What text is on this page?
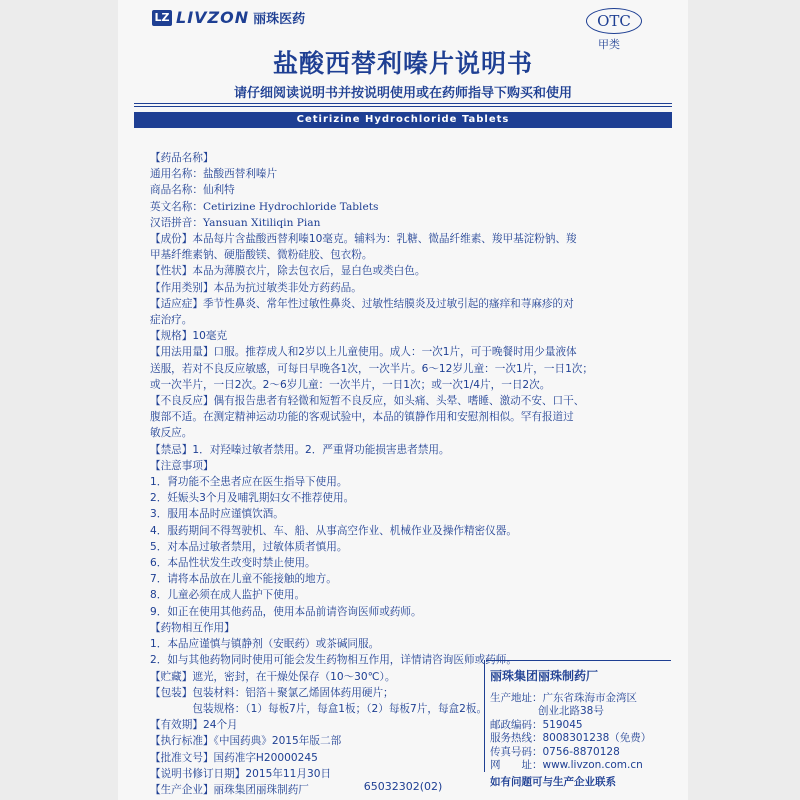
LZ LIVZON 丽珠医药	OTC
甲类
盐酸西替利嗪片说明书
请仔细阅读说明书并按说明使用或在药师指导下购买和使用
Cetirizine Hydrochloride Tablets
【药品名称】
通用名称：盐酸西替利嗪片
商品名称：仙利特
英文名称：Cetirizine Hydrochloride Tablets
汉语拼音：Yansuan Xitiliqin Pian
【成份】本品每片含盐酸西替利嗪10毫克。辅料为：乳糖、微晶纤维素、羧甲基淀粉钠、羧
甲基纤维素钠、硬脂酸镁、微粉硅胶、包衣粉。
【性状】本品为薄膜衣片，除去包衣后，显白色或类白色。
【作用类别】本品为抗过敏类非处方药药品。
【适应症】季节性鼻炎、常年性过敏性鼻炎、过敏性结膜炎及过敏引起的瘙痒和荨麻疹的对
症治疗。
【规格】10毫克
【用法用量】口服。推荐成人和2岁以上儿童使用。成人：一次1片，可于晚餐时用少量液体
送服，若对不良反应敏感，可每日早晚各1次，一次半片。6～12岁儿童：一次1片，一日1次；
或一次半片，一日2次。2～6岁儿童：一次半片，一日1次；或一次1/4片，一日2次。
【不良反应】偶有报告患者有轻微和短暂不良反应，如头痛、头晕、嗜睡、激动不安、口干、
腹部不适。在测定精神运动功能的客观试验中，本品的镇静作用和安慰剂相似。罕有报道过
敏反应。
【禁忌】1．对羟嗪过敏者禁用。2．严重肾功能损害患者禁用。
【注意事项】
1．肾功能不全患者应在医生指导下使用。
2．妊娠头3个月及哺乳期妇女不推荐使用。
3．服用本品时应谨慎饮酒。
4．服药期间不得驾驶机、车、船、从事高空作业、机械作业及操作精密仪器。
5．对本品过敏者禁用，过敏体质者慎用。
6．本品性状发生改变时禁止使用。
7．请将本品放在儿童不能接触的地方。
8．儿童必须在成人监护下使用。
9．如正在使用其他药品，使用本品前请咨询医师或药师。
【药物相互作用】
1．本品应谨慎与镇静剂（安眠药）或茶碱同服。
2．如与其他药物同时使用可能会发生药物相互作用，详情请咨询医师或药师。
【贮藏】遮光，密封，在干燥处保存（10～30℃）。
【包装】包装材料：铝箔＋聚氯乙烯固体药用硬片；
　　　　包装规格：（1）每板7片，每盒1板；（2）每板7片，每盒2板。
【有效期】24个月
【执行标准】《中国药典》2015年版二部
【批准文号】国药准字H20000245
【说明书修订日期】2015年11月30日
【生产企业】丽珠集团丽珠制药厂
丽珠集团丽珠制药厂
生产地址：广东省珠海市金湾区
创业北路38号
邮政编码：519045
服务热线：8008301238（免费）
传真号码：0756-8870128
网　　址：www.livzon.com.cn
如有问题可与生产企业联系
65032302(02)
